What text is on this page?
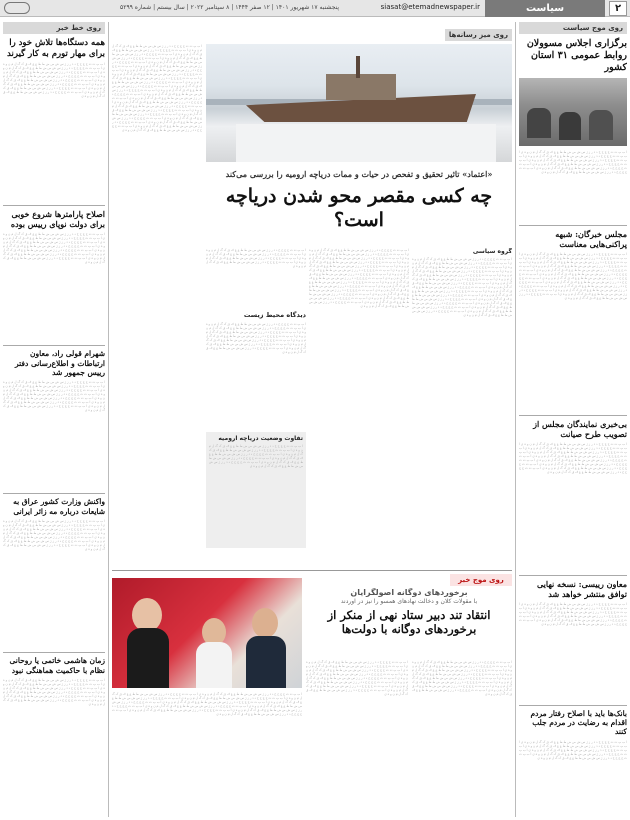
۲
سیاست
siasat@etemadnewspaper.ir
پنجشنبه ۱۷ شهریور ۱۴۰۱ | ۱۲ صفر ۱۴۴۴ | ۸ سپتامبر ۲۰۲۲ | سال بیستم | شماره ۵۲۹۹
روی موج سیاست
برگزاری اجلاس مسوولان روابط عمومی ۳۱ استان کشور
ا ب پ ت ث ج چ ح خ د ذ ر ز ژ س ش ص ض ط ظ ع غ ف ق ک گ ل م ن و ه ی ا ب پ ت ث ج چ ح خ د ذ ر ز ژ س ش ص ض ط ظ ع غ ف ق ک گ ل م ن و ه ی ا ب پ ت ث ج چ ح خ د ذ ر ز ژ س ش ص ض ط ظ ع غ ف ق ک گ ل م ن و ه ی ا ب پ ت ث ج چ ح خ د ذ ر ز ژ س ش ص ض ط ظ ع غ ف ق ک گ ل م ن و ه ی ا ب پ ت ث ج چ ح خ د ذ ر ز ژ س ش ص ض ط ظ ع غ ف ق ک گ ل م ن و ه ی ا ب پ ت ث ج چ ح خ د ذ ر ز ژ س ش ص ض ط ظ ع غ ف ق ک گ ل م ن و ه ی
مجلس خبرگان: شبهه پراکنی‌هایی معناست
ا ب پ ت ث ج چ ح خ د ذ ر ز ژ س ش ص ض ط ظ ع غ ف ق ک گ ل م ن و ه ی ا ب پ ت ث ج چ ح خ د ذ ر ز ژ س ش ص ض ط ظ ع غ ف ق ک گ ل م ن و ه ی ا ب پ ت ث ج چ ح خ د ذ ر ز ژ س ش ص ض ط ظ ع غ ف ق ک گ ل م ن و ه ی ا ب پ ت ث ج چ ح خ د ذ ر ز ژ س ش ص ض ط ظ ع غ ف ق ک گ ل م ن و ه ی ا ب پ ت ث ج چ ح خ د ذ ر ز ژ س ش ص ض ط ظ ع غ ف ق ک گ ل م ن و ه ی ا ب پ ت ث ج چ ح خ د ذ ر ز ژ س ش ص ض ط ظ ع غ ف ق ک گ ل م ن و ه ی ا ب پ ت ث ج چ ح خ د ذ ر ز ژ س ش ص ض ط ظ ع غ ف ق ک گ ل م ن و ه ی ا ب پ ت ث ج چ ح خ د ذ ر ز ژ س ش ص ض ط ظ ع غ ف ق ک گ ل م ن و ه ی ا ب پ ت ث ج چ ح خ د ذ ر ز ژ س ش ص ض ط ظ ع غ ف ق ک گ ل م ن و ه ی ا ب پ ت ث ج چ ح خ د ذ ر ز ژ س ش ص ض ط ظ ع غ ف ق ک گ ل م ن و ه ی ا ب پ ت ث ج چ ح خ د ذ ر ز ژ س ش ص ض ط ظ ع غ ف ق ک گ ل م ن و ه ی ا ب پ ت ث ج چ ح خ د ذ ر ز ژ س ش ص ض ط ظ ع غ ف ق ک گ ل م ن و ه ی
بی‌خبری نمایندگان مجلس از تصویب طرح صیانت
ا ب پ ت ث ج چ ح خ د ذ ر ز ژ س ش ص ض ط ظ ع غ ف ق ک گ ل م ن و ه ی ا ب پ ت ث ج چ ح خ د ذ ر ز ژ س ش ص ض ط ظ ع غ ف ق ک گ ل م ن و ه ی ا ب پ ت ث ج چ ح خ د ذ ر ز ژ س ش ص ض ط ظ ع غ ف ق ک گ ل م ن و ه ی ا ب پ ت ث ج چ ح خ د ذ ر ز ژ س ش ص ض ط ظ ع غ ف ق ک گ ل م ن و ه ی ا ب پ ت ث ج چ ح خ د ذ ر ز ژ س ش ص ض ط ظ ع غ ف ق ک گ ل م ن و ه ی ا ب پ ت ث ج چ ح خ د ذ ر ز ژ س ش ص ض ط ظ ع غ ف ق ک گ ل م ن و ه ی ا ب پ ت ث ج چ ح خ د ذ ر ز ژ س ش ص ض ط ظ ع غ ف ق ک گ ل م ن و ه ی ا ب پ ت ث ج چ ح خ د ذ ر ز ژ س ش ص ض ط ظ ع غ ف ق ک گ ل م ن و ه ی
معاون رییسی: نسخه نهایی توافق منتشر خواهد شد
ا ب پ ت ث ج چ ح خ د ذ ر ز ژ س ش ص ض ط ظ ع غ ف ق ک گ ل م ن و ه ی ا ب پ ت ث ج چ ح خ د ذ ر ز ژ س ش ص ض ط ظ ع غ ف ق ک گ ل م ن و ه ی ا ب پ ت ث ج چ ح خ د ذ ر ز ژ س ش ص ض ط ظ ع غ ف ق ک گ ل م ن و ه ی ا ب پ ت ث ج چ ح خ د ذ ر ز ژ س ش ص ض ط ظ ع غ ف ق ک گ ل م ن و ه ی ا ب پ ت ث ج چ ح خ د ذ ر ز ژ س ش ص ض ط ظ ع غ ف ق ک گ ل م ن و ه ی ا ب پ ت ث ج چ ح خ د ذ ر ز ژ س ش ص ض ط ظ ع غ ف ق ک گ ل م ن و ه ی
بانک‌ها باید با اصلاح رفتار مردم اقدام به رضایت در مردم جلب کنند
ا ب پ ت ث ج چ ح خ د ذ ر ز ژ س ش ص ض ط ظ ع غ ف ق ک گ ل م ن و ه ی ا ب پ ت ث ج چ ح خ د ذ ر ز ژ س ش ص ض ط ظ ع غ ف ق ک گ ل م ن و ه ی ا ب پ ت ث ج چ ح خ د ذ ر ز ژ س ش ص ض ط ظ ع غ ف ق ک گ ل م ن و ه ی ا ب پ ت ث ج چ ح خ د ذ ر ز ژ س ش ص ض ط ظ ع غ ف ق ک گ ل م ن و ه ی ا ب پ ت ث ج چ ح خ د ذ ر ز ژ س ش ص ض ط ظ ع غ ف ق ک گ ل م ن و ه ی
روی میز رسانه‌ها
«اعتماد» تاثیر تحقیق و تفحص در حیات و ممات دریاچه ارومیه را بررسی می‌کند
چه کسی مقصر محو شدن دریاچه است؟
گروه سیاسی
ا ب پ ت ث ج چ ح خ د ذ ر ز ژ س ش ص ض ط ظ ع غ ف ق ک گ ل م ن و ه ی ا ب پ ت ث ج چ ح خ د ذ ر ز ژ س ش ص ض ط ظ ع غ ف ق ک گ ل م ن و ه ی ا ب پ ت ث ج چ ح خ د ذ ر ز ژ س ش ص ض ط ظ ع غ ف ق ک گ ل م ن و ه ی ا ب پ ت ث ج چ ح خ د ذ ر ز ژ س ش ص ض ط ظ ع غ ف ق ک گ ل م ن و ه ی ا ب پ ت ث ج چ ح خ د ذ ر ز ژ س ش ص ض ط ظ ع غ ف ق ک گ ل م ن و ه ی ا ب پ ت ث ج چ ح خ د ذ ر ز ژ س ش ص ض ط ظ ع غ ف ق ک گ ل م ن و ه ی ا ب پ ت ث ج چ ح خ د ذ ر ز ژ س ش ص ض ط ظ ع غ ف ق ک گ ل م ن و ه ی ا ب پ ت ث ج چ ح خ د ذ ر ز ژ س ش ص ض ط ظ ع غ ف ق ک گ ل م ن و ه ی ا ب پ ت ث ج چ ح خ د ذ ر ز ژ س ش ص ض ط ظ ع غ ف ق ک گ ل م ن و ه ی ا ب پ ت ث ج چ ح خ د ذ ر ز ژ س ش ص ض ط ظ ع غ ف ق ک گ ل م ن و ه ی ا ب پ ت ث ج چ ح خ د ذ ر ز ژ س ش ص ض ط ظ ع غ ف ق ک گ ل م ن و ه ی ا ب پ ت ث ج چ ح خ د ذ ر ز ژ س ش ص ض ط ظ ع غ ف ق ک گ ل م ن و ه ی ا ب پ ت ث ج چ ح خ د ذ ر ز ژ س ش ص ض ط ظ ع غ ف ق ک گ ل م ن و ه ی ا ب پ ت ث ج چ ح خ د ذ ر ز ژ س ش ص ض ط ظ ع غ ف ق ک گ ل م ن و ه ی
ا ب پ ت ث ج چ ح خ د ذ ر ز ژ س ش ص ض ط ظ ع غ ف ق ک گ ل م ن و ه ی ا ب پ ت ث ج چ ح خ د ذ ر ز ژ س ش ص ض ط ظ ع غ ف ق ک گ ل م ن و ه ی ا ب پ ت ث ج چ ح خ د ذ ر ز ژ س ش ص ض ط ظ ع غ ف ق ک گ ل م ن و ه ی ا ب پ ت ث ج چ ح خ د ذ ر ز ژ س ش ص ض ط ظ ع غ ف ق ک گ ل م ن و ه ی ا ب پ ت ث ج چ ح خ د ذ ر ز ژ س ش ص ض ط ظ ع غ ف ق ک گ ل م ن و ه ی ا ب پ ت ث ج چ ح خ د ذ ر ز ژ س ش ص ض ط ظ ع غ ف ق ک گ ل م ن و ه ی ا ب پ ت ث ج چ ح خ د ذ ر ز ژ س ش ص ض ط ظ ع غ ف ق ک گ ل م ن و ه ی ا ب پ ت ث ج چ ح خ د ذ ر ز ژ س ش ص ض ط ظ ع غ ف ق ک گ ل م ن و ه ی ا ب پ ت ث ج چ ح خ د ذ ر ز ژ س ش ص ض ط ظ ع غ ف ق ک گ ل م ن و ه ی ا ب پ ت ث ج چ ح خ د ذ ر ز ژ س ش ص ض ط ظ ع غ ف ق ک گ ل م ن و ه ی ا ب پ ت ث ج چ ح خ د ذ ر ز ژ س ش ص ض ط ظ ع غ ف ق ک گ ل م ن و ه ی ا ب پ ت ث ج چ ح خ د ذ ر ز ژ س ش ص ض ط ظ ع غ ف ق ک گ ل م ن و ه ی ا ب پ ت ث ج چ ح خ د ذ ر ز ژ س ش ص ض ط ظ ع غ ف ق ک گ ل م ن و ه ی ا ب پ ت ث ج چ ح خ د ذ ر ز ژ س ش ص ض ط ظ ع غ ف ق ک گ ل م ن و ه ی
ا ب پ ت ث ج چ ح خ د ذ ر ز ژ س ش ص ض ط ظ ع غ ف ق ک گ ل م ن و ه ی ا ب پ ت ث ج چ ح خ د ذ ر ز ژ س ش ص ض ط ظ ع غ ف ق ک گ ل م ن و ه ی ا ب پ ت ث ج چ ح خ د ذ ر ز ژ س ش ص ض ط ظ ع غ ف ق ک گ ل م ن و ه ی ا ب پ ت ث ج چ ح خ د ذ ر ز ژ س ش ص ض ط ظ ع غ ف ق ک گ ل م ن و ه ی
دیدگاه محیط زیست
ا ب پ ت ث ج چ ح خ د ذ ر ز ژ س ش ص ض ط ظ ع غ ف ق ک گ ل م ن و ه ی ا ب پ ت ث ج چ ح خ د ذ ر ز ژ س ش ص ض ط ظ ع غ ف ق ک گ ل م ن و ه ی ا ب پ ت ث ج چ ح خ د ذ ر ز ژ س ش ص ض ط ظ ع غ ف ق ک گ ل م ن و ه ی ا ب پ ت ث ج چ ح خ د ذ ر ز ژ س ش ص ض ط ظ ع غ ف ق ک گ ل م ن و ه ی ا ب پ ت ث ج چ ح خ د ذ ر ز ژ س ش ص ض ط ظ ع غ ف ق ک گ ل م ن و ه ی ا ب پ ت ث ج چ ح خ د ذ ر ز ژ س ش ص ض ط ظ ع غ ف ق ک گ ل م ن و ه ی ا ب پ ت ث ج چ ح خ د ذ ر ز ژ س ش ص ض ط ظ ع غ ف ق ک گ ل م ن و ه ی
تفاوت وضعیت دریاچه ارومیه
ا ب پ ت ث ج چ ح خ د ذ ر ز ژ س ش ص ض ط ظ ع غ ف ق ک گ ل م ن و ه ی ا ب پ ت ث ج چ ح خ د ذ ر ز ژ س ش ص ض ط ظ ع غ ف ق ک گ ل م ن و ه ی ا ب پ ت ث ج چ ح خ د ذ ر ز ژ س ش ص ض ط ظ ع غ ف ق ک گ ل م ن و ه ی ا ب پ ت ث ج چ ح خ د ذ ر ز ژ س ش ص ض ط ظ ع غ ف ق ک گ ل م ن و ه ی ا ب پ ت ث ج چ ح خ د ذ ر ز ژ س ش ص ض ط ظ ع غ ف ق ک گ ل م ن و ه ی
روی موج خبر
برخوردهای دوگانه اصولگرایان
با مقولات کلان و دخالت نهادهای همسو را نیز در اوردند
انتقاد تند دبیر ستاد نهی از منکر از برخوردهای دوگانه با دولت‌ها
ا ب پ ت ث ج چ ح خ د ذ ر ز ژ س ش ص ض ط ظ ع غ ف ق ک گ ل م ن و ه ی ا ب پ ت ث ج چ ح خ د ذ ر ز ژ س ش ص ض ط ظ ع غ ف ق ک گ ل م ن و ه ی ا ب پ ت ث ج چ ح خ د ذ ر ز ژ س ش ص ض ط ظ ع غ ف ق ک گ ل م ن و ه ی ا ب پ ت ث ج چ ح خ د ذ ر ز ژ س ش ص ض ط ظ ع غ ف ق ک گ ل م ن و ه ی ا ب پ ت ث ج چ ح خ د ذ ر ز ژ س ش ص ض ط ظ ع غ ف ق ک گ ل م ن و ه ی ا ب پ ت ث ج چ ح خ د ذ ر ز ژ س ش ص ض ط ظ ع غ ف ق ک گ ل م ن و ه ی ا ب پ ت ث ج چ ح خ د ذ ر ز ژ س ش ص ض ط ظ ع غ ف ق ک گ ل م ن و ه ی ا ب پ ت ث ج چ ح خ د ذ ر ز ژ س ش ص ض ط ظ ع غ ف ق ک گ ل م ن و ه ی
ا ب پ ت ث ج چ ح خ د ذ ر ز ژ س ش ص ض ط ظ ع غ ف ق ک گ ل م ن و ه ی ا ب پ ت ث ج چ ح خ د ذ ر ز ژ س ش ص ض ط ظ ع غ ف ق ک گ ل م ن و ه ی ا ب پ ت ث ج چ ح خ د ذ ر ز ژ س ش ص ض ط ظ ع غ ف ق ک گ ل م ن و ه ی ا ب پ ت ث ج چ ح خ د ذ ر ز ژ س ش ص ض ط ظ ع غ ف ق ک گ ل م ن و ه ی ا ب پ ت ث ج چ ح خ د ذ ر ز ژ س ش ص ض ط ظ ع غ ف ق ک گ ل م ن و ه ی ا ب پ ت ث ج چ ح خ د ذ ر ز ژ س ش ص ض ط ظ ع غ ف ق ک گ ل م ن و ه ی ا ب پ ت ث ج چ ح خ د ذ ر ز ژ س ش ص ض ط ظ ع غ ف ق ک گ ل م ن و ه ی ا ب پ ت ث ج چ ح خ د ذ ر ز ژ س ش ص ض ط ظ ع غ ف ق ک گ ل م ن و ه ی
ا ب پ ت ث ج چ ح خ د ذ ر ز ژ س ش ص ض ط ظ ع غ ف ق ک گ ل م ن و ه ی ا ب پ ت ث ج چ ح خ د ذ ر ز ژ س ش ص ض ط ظ ع غ ف ق ک گ ل م ن و ه ی ا ب پ ت ث ج چ ح خ د ذ ر ز ژ س ش ص ض ط ظ ع غ ف ق ک گ ل م ن و ه ی ا ب پ ت ث ج چ ح خ د ذ ر ز ژ س ش ص ض ط ظ ع غ ف ق ک گ ل م ن و ه ی ا ب پ ت ث ج چ ح خ د ذ ر ز ژ س ش ص ض ط ظ ع غ ف ق ک گ ل م ن و ه ی ا ب پ ت ث ج چ ح خ د ذ ر ز ژ س ش ص ض ط ظ ع غ ف ق ک گ ل م ن و ه ی ا ب پ ت ث ج چ ح خ د ذ ر ز ژ س ش ص ض ط ظ ع غ ف ق ک گ ل م ن و ه ی ا ب پ ت ث ج چ ح خ د ذ ر ز ژ س ش ص ض ط ظ ع غ ف ق ک گ ل م ن و ه ی ا ب پ ت ث ج چ ح خ د ذ ر ز ژ س ش ص ض ط ظ ع غ ف ق ک گ ل م ن و ه ی ا ب پ ت ث ج چ ح خ د ذ ر ز ژ س ش ص ض ط ظ ع غ ف ق ک گ ل م ن و ه ی
ا ب پ ت ث ج چ ح خ د ذ ر ز ژ س ش ص ض ط ظ ع غ ف ق ک گ ل م ن و ه ی ا ب پ ت ث ج چ ح خ د ذ ر ز ژ س ش ص ض ط ظ ع غ ف ق ک گ ل م ن و ه ی ا ب پ ت ث ج چ ح خ د ذ ر ز ژ س ش ص ض ط ظ ع غ ف ق ک گ ل م ن و ه ی ا ب پ ت ث ج چ ح خ د ذ ر ز ژ س ش ص ض ط ظ ع غ ف ق ک گ ل م ن و ه ی ا ب پ ت ث ج چ ح خ د ذ ر ز ژ س ش ص ض ط ظ ع غ ف ق ک گ ل م ن و ه ی ا ب پ ت ث ج چ ح خ د ذ ر ز ژ س ش ص ض ط ظ ع غ ف ق ک گ ل م ن و ه ی ا ب پ ت ث ج چ ح خ د ذ ر ز ژ س ش ص ض ط ظ ع غ ف ق ک گ ل م ن و ه ی ا ب پ ت ث ج چ ح خ د ذ ر ز ژ س ش ص ض ط ظ ع غ ف ق ک گ ل م ن و ه ی ا ب پ ت ث ج چ ح خ د ذ ر ز ژ س ش ص ض ط ظ ع غ ف ق ک گ ل م ن و ه ی ا ب پ ت ث ج چ ح خ د ذ ر ز ژ س ش ص ض ط ظ ع غ ف ق ک گ ل م ن و ه ی ا ب پ ت ث ج چ ح خ د ذ ر ز ژ س ش ص ض ط ظ ع غ ف ق ک گ ل م ن و ه ی ا ب پ ت ث ج چ ح خ د ذ ر ز ژ س ش ص ض ط ظ ع غ ف ق ک گ ل م ن و ه ی ا ب پ ت ث ج چ ح خ د ذ ر ز ژ س ش ص ض ط ظ ع غ ف ق ک گ ل م ن و ه ی ا ب پ ت ث ج چ ح خ د ذ ر ز ژ س ش ص ض ط ظ ع غ ف ق ک گ ل م ن و ه ی ا ب پ ت ث ج چ ح خ د ذ ر ز ژ س ش ص ض ط ظ ع غ ف ق ک گ ل م ن و ه ی ا ب پ ت ث ج چ ح خ د ذ ر ز ژ س ش ص ض ط ظ ع غ ف ق ک گ ل م ن و ه ی ا ب پ ت ث ج چ ح خ د ذ ر ز ژ س ش ص ض ط ظ ع غ ف ق ک گ ل م ن و ه ی ا ب پ ت ث ج چ ح خ د ذ ر ز ژ س ش ص ض ط ظ ع غ ف ق ک گ ل م ن و ه ی ا ب پ ت ث ج چ ح خ د ذ ر ز ژ س ش ص ض ط ظ ع غ ف ق ک گ ل م ن و ه ی
روی خط خبر
همه دستگاه‌ها تلاش خود را برای مهار تورم به کار گیرند
ا ب پ ت ث ج چ ح خ د ذ ر ز ژ س ش ص ض ط ظ ع غ ف ق ک گ ل م ن و ه ی ا ب پ ت ث ج چ ح خ د ذ ر ز ژ س ش ص ض ط ظ ع غ ف ق ک گ ل م ن و ه ی ا ب پ ت ث ج چ ح خ د ذ ر ز ژ س ش ص ض ط ظ ع غ ف ق ک گ ل م ن و ه ی ا ب پ ت ث ج چ ح خ د ذ ر ز ژ س ش ص ض ط ظ ع غ ف ق ک گ ل م ن و ه ی ا ب پ ت ث ج چ ح خ د ذ ر ز ژ س ش ص ض ط ظ ع غ ف ق ک گ ل م ن و ه ی ا ب پ ت ث ج چ ح خ د ذ ر ز ژ س ش ص ض ط ظ ع غ ف ق ک گ ل م ن و ه ی ا ب پ ت ث ج چ ح خ د ذ ر ز ژ س ش ص ض ط ظ ع غ ف ق ک گ ل م ن و ه ی ا ب پ ت ث ج چ ح خ د ذ ر ز ژ س ش ص ض ط ظ ع غ ف ق ک گ ل م ن و ه ی
اصلاح پارامترها شروع خوبی برای دولت نوپای رییس بوده
ا ب پ ت ث ج چ ح خ د ذ ر ز ژ س ش ص ض ط ظ ع غ ف ق ک گ ل م ن و ه ی ا ب پ ت ث ج چ ح خ د ذ ر ز ژ س ش ص ض ط ظ ع غ ف ق ک گ ل م ن و ه ی ا ب پ ت ث ج چ ح خ د ذ ر ز ژ س ش ص ض ط ظ ع غ ف ق ک گ ل م ن و ه ی ا ب پ ت ث ج چ ح خ د ذ ر ز ژ س ش ص ض ط ظ ع غ ف ق ک گ ل م ن و ه ی ا ب پ ت ث ج چ ح خ د ذ ر ز ژ س ش ص ض ط ظ ع غ ف ق ک گ ل م ن و ه ی ا ب پ ت ث ج چ ح خ د ذ ر ز ژ س ش ص ض ط ظ ع غ ف ق ک گ ل م ن و ه ی ا ب پ ت ث ج چ ح خ د ذ ر ز ژ س ش ص ض ط ظ ع غ ف ق ک گ ل م ن و ه ی
شهرام قولی راد، معاون ارتباطات و اطلاع‌رسانی دفتر رییس جمهور شد
ا ب پ ت ث ج چ ح خ د ذ ر ز ژ س ش ص ض ط ظ ع غ ف ق ک گ ل م ن و ه ی ا ب پ ت ث ج چ ح خ د ذ ر ز ژ س ش ص ض ط ظ ع غ ف ق ک گ ل م ن و ه ی ا ب پ ت ث ج چ ح خ د ذ ر ز ژ س ش ص ض ط ظ ع غ ف ق ک گ ل م ن و ه ی ا ب پ ت ث ج چ ح خ د ذ ر ز ژ س ش ص ض ط ظ ع غ ف ق ک گ ل م ن و ه ی ا ب پ ت ث ج چ ح خ د ذ ر ز ژ س ش ص ض ط ظ ع غ ف ق ک گ ل م ن و ه ی ا ب پ ت ث ج چ ح خ د ذ ر ز ژ س ش ص ض ط ظ ع غ ف ق ک گ ل م ن و ه ی ا ب پ ت ث ج چ ح خ د ذ ر ز ژ س ش ص ض ط ظ ع غ ف ق ک گ ل م ن و ه ی
واکنش وزارت کشور عراق به شایعات درباره مه زائر ایرانی
ا ب پ ت ث ج چ ح خ د ذ ر ز ژ س ش ص ض ط ظ ع غ ف ق ک گ ل م ن و ه ی ا ب پ ت ث ج چ ح خ د ذ ر ز ژ س ش ص ض ط ظ ع غ ف ق ک گ ل م ن و ه ی ا ب پ ت ث ج چ ح خ د ذ ر ز ژ س ش ص ض ط ظ ع غ ف ق ک گ ل م ن و ه ی ا ب پ ت ث ج چ ح خ د ذ ر ز ژ س ش ص ض ط ظ ع غ ف ق ک گ ل م ن و ه ی ا ب پ ت ث ج چ ح خ د ذ ر ز ژ س ش ص ض ط ظ ع غ ف ق ک گ ل م ن و ه ی ا ب پ ت ث ج چ ح خ د ذ ر ز ژ س ش ص ض ط ظ ع غ ف ق ک گ ل م ن و ه ی ا ب پ ت ث ج چ ح خ د ذ ر ز ژ س ش ص ض ط ظ ع غ ف ق ک گ ل م ن و ه ی
زمان هاشمی خاتمی یا روحانی نظام با حاکمیت هماهنگی نبود
ا ب پ ت ث ج چ ح خ د ذ ر ز ژ س ش ص ض ط ظ ع غ ف ق ک گ ل م ن و ه ی ا ب پ ت ث ج چ ح خ د ذ ر ز ژ س ش ص ض ط ظ ع غ ف ق ک گ ل م ن و ه ی ا ب پ ت ث ج چ ح خ د ذ ر ز ژ س ش ص ض ط ظ ع غ ف ق ک گ ل م ن و ه ی ا ب پ ت ث ج چ ح خ د ذ ر ز ژ س ش ص ض ط ظ ع غ ف ق ک گ ل م ن و ه ی ا ب پ ت ث ج چ ح خ د ذ ر ز ژ س ش ص ض ط ظ ع غ ف ق ک گ ل م ن و ه ی ا ب پ ت ث ج چ ح خ د ذ ر ز ژ س ش ص ض ط ظ ع غ ف ق ک گ ل م ن و ه ی
